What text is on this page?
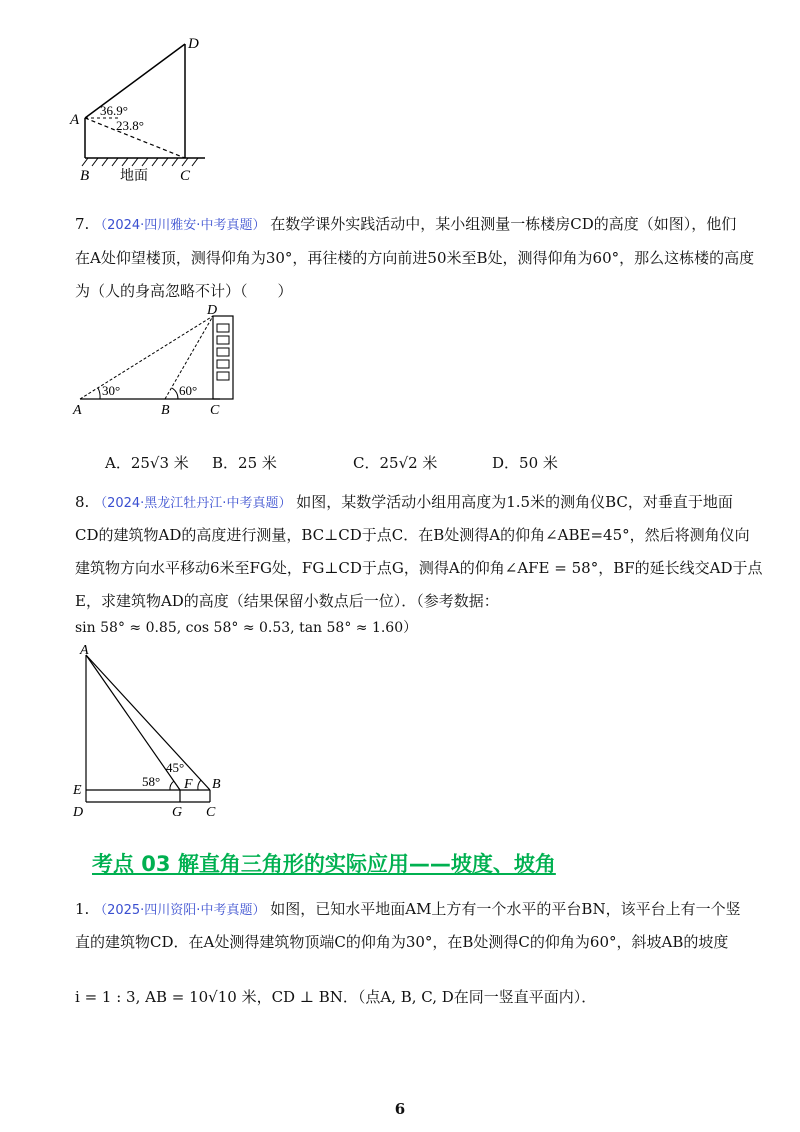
D
A
B	C
36.9°
23.8°
地面
7. （2024·四川雅安·中考真题） 在数学课外实践活动中，某小组测量一栋楼房CD的高度（如图），他们
在A处仰望楼顶，测得仰角为30°，再往楼的方向前进50米至B处，测得仰角为60°，那么这栋楼的高度
为（人的身高忽略不计）（　　）
D
A	B	C
30°	60°
A．25√3 米 B．25 米	C．25√2 米	D．50 米
8. （2024·黑龙江牡丹江·中考真题） 如图，某数学活动小组用高度为1.5米的测角仪BC，对垂直于地面
CD的建筑物AD的高度进行测量，BC⊥CD于点C．在B处测得A的仰角∠ABE=45°，然后将测角仪向
建筑物方向水平移动6米至FG处，FG⊥CD于点G，测得A的仰角∠AFE = 58°，BF的延长线交AD于点
E，求建筑物AD的高度（结果保留小数点后一位）．（参考数据：
sin 58° ≈ 0.85, cos 58° ≈ 0.53, tan 58° ≈ 1.60）
A
E
D	G C
F B
45°
58°
考点 03 解直角三角形的实际应用——坡度、坡角
1. （2025·四川资阳·中考真题） 如图，已知水平地面AM上方有一个水平的平台BN，该平台上有一个竖
直的建筑物CD．在A处测得建筑物顶端C的仰角为30°，在B处测得C的仰角为60°，斜坡AB的坡度
i = 1 : 3, AB = 10√10 米，CD ⊥ BN．（点A, B, C, D在同一竖直平面内）．
6
